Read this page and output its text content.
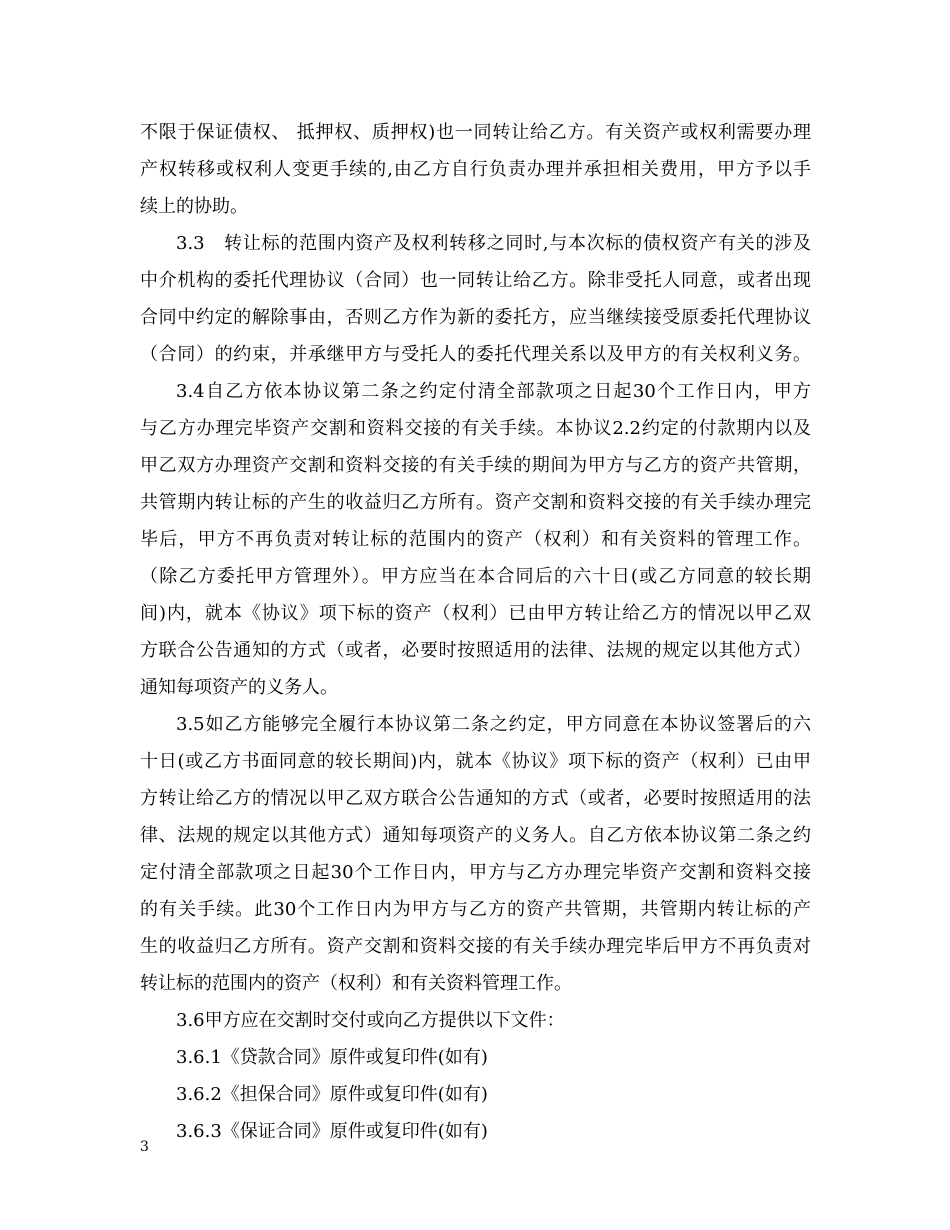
不限于保证债权、 抵押权、质押权)也一同转让给乙方。有关资产或权利需要办理
产权转移或权利人变更手续的,由乙方自行负责办理并承担相关费用，甲方予以手
续上的协助。
3.3　转让标的范围内资产及权利转移之同时,与本次标的债权资产有关的涉及
中介机构的委托代理协议（合同）也一同转让给乙方。除非受托人同意，或者出现
合同中约定的解除事由，否则乙方作为新的委托方，应当继续接受原委托代理协议
（合同）的约束，并承继甲方与受托人的委托代理关系以及甲方的有关权利义务。
3.4自乙方依本协议第二条之约定付清全部款项之日起30个工作日内，甲方
与乙方办理完毕资产交割和资料交接的有关手续。本协议2.2约定的付款期内以及
甲乙双方办理资产交割和资料交接的有关手续的期间为甲方与乙方的资产共管期，
共管期内转让标的产生的收益归乙方所有。资产交割和资料交接的有关手续办理完
毕后，甲方不再负责对转让标的范围内的资产（权利）和有关资料的管理工作。
（除乙方委托甲方管理外）。甲方应当在本合同后的六十日(或乙方同意的较长期
间)内，就本《协议》项下标的资产（权利）已由甲方转让给乙方的情况以甲乙双
方联合公告通知的方式（或者，必要时按照适用的法律、法规的规定以其他方式）
通知每项资产的义务人。
3.5如乙方能够完全履行本协议第二条之约定，甲方同意在本协议签署后的六
十日(或乙方书面同意的较长期间)内，就本《协议》项下标的资产（权利）已由甲
方转让给乙方的情况以甲乙双方联合公告通知的方式（或者，必要时按照适用的法
律、法规的规定以其他方式）通知每项资产的义务人。自乙方依本协议第二条之约
定付清全部款项之日起30个工作日内，甲方与乙方办理完毕资产交割和资料交接
的有关手续。此30个工作日内为甲方与乙方的资产共管期，共管期内转让标的产
生的收益归乙方所有。资产交割和资料交接的有关手续办理完毕后甲方不再负责对
转让标的范围内的资产（权利）和有关资料管理工作。
3.6甲方应在交割时交付或向乙方提供以下文件：
3.6.1《贷款合同》原件或复印件(如有)
3.6.2《担保合同》原件或复印件(如有)
3.6.3《保证合同》原件或复印件(如有)
3
